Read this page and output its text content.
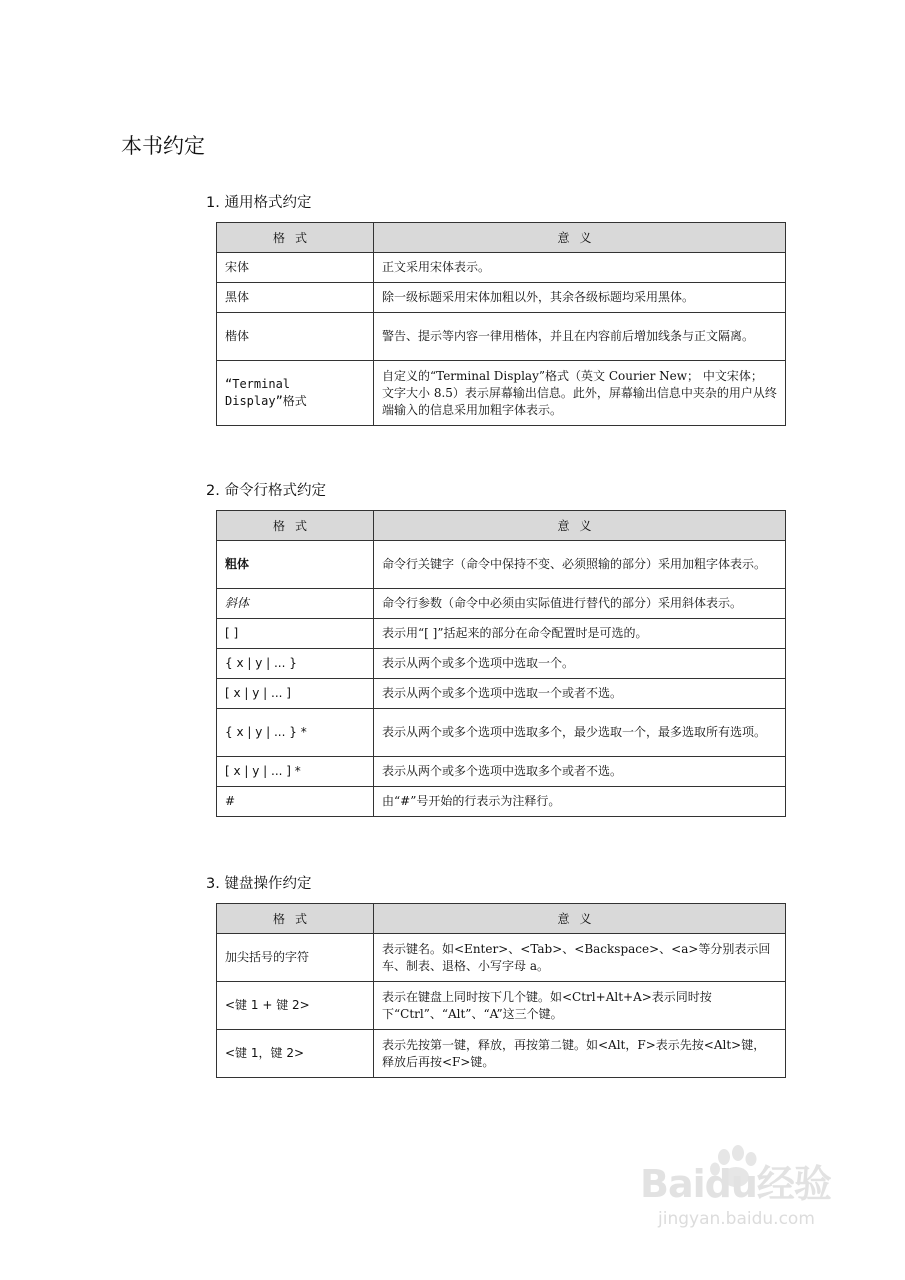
本书约定
1. 通用格式约定
格式	意义
宋体	正文采用宋体表示。
黑体	除一级标题采用宋体加粗以外，其余各级标题均采用黑体。
楷体	警告、提示等内容一律用楷体，并且在内容前后增加线条与正文隔离。
“Terminal Display”格式	自定义的“Terminal Display”格式（英文 Courier New； 中文宋体； 文字大小 8.5）表示屏幕输出信息。此外，屏幕输出信息中夹杂的用户从终端输入的信息采用加粗字体表示。
2. 命令行格式约定
格式	意义
粗体	命令行关键字（命令中保持不变、必须照输的部分）采用加粗字体表示。
斜体	命令行参数（命令中必须由实际值进行替代的部分）采用斜体表示。
[ ]	表示用“[ ]”括起来的部分在命令配置时是可选的。
{ x | y | ... }	表示从两个或多个选项中选取一个。
[ x | y | ... ]	表示从两个或多个选项中选取一个或者不选。
{ x | y | ... } *	表示从两个或多个选项中选取多个，最少选取一个，最多选取所有选项。
[ x | y | ... ] *	表示从两个或多个选项中选取多个或者不选。
#	由“#”号开始的行表示为注释行。
3. 键盘操作约定
格式	意义
加尖括号的字符	表示键名。如<Enter>、<Tab>、<Backspace>、<a>等分别表示回车、制表、退格、小写字母 a。
<键 1 + 键 2>	表示在键盘上同时按下几个键。如<Ctrl+Alt+A>表示同时按下“Ctrl”、“Alt”、“A”这三个键。
<键 1，键 2>	表示先按第一键，释放，再按第二键。如<Alt，F>表示先按<Alt>键，释放后再按<F>键。
Baidu经验
jingyan.baidu.com
